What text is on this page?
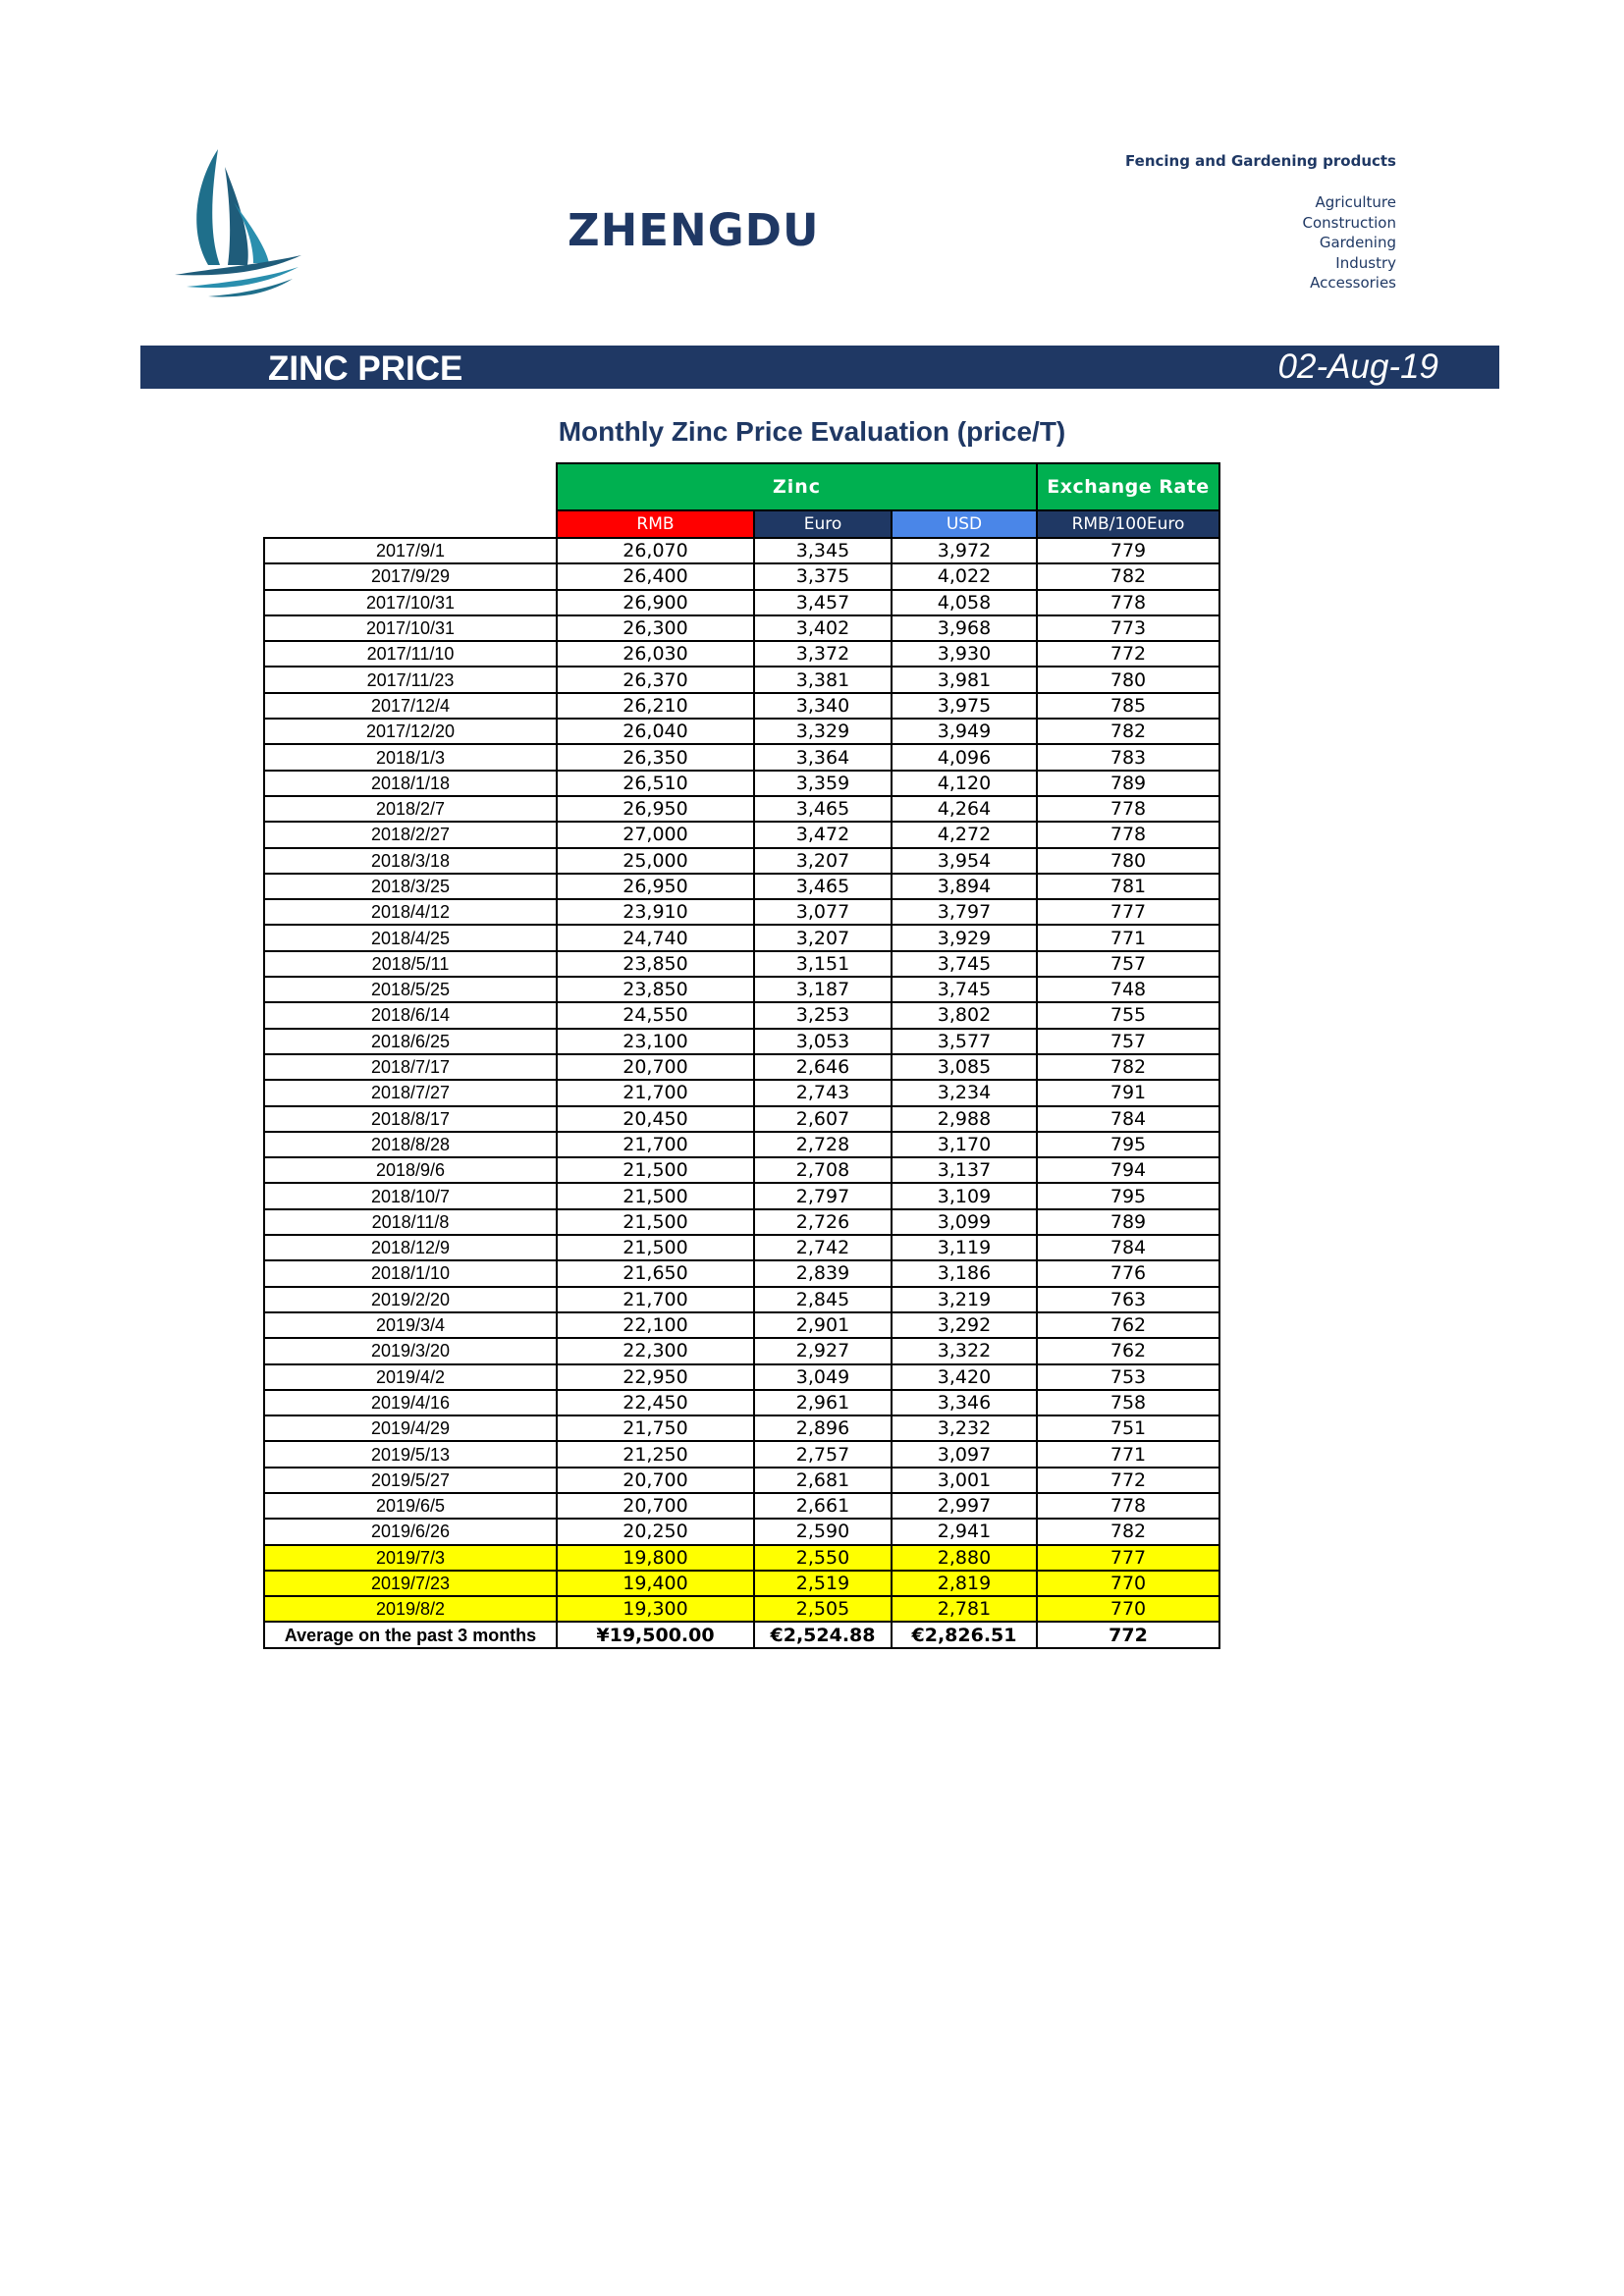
ZHENGDU
Fencing and Gardening products
Agriculture
Construction
Gardening
Industry
Accessories
ZINC PRICE	02-Aug-19
Monthly Zinc Price Evaluation (price/T)
	Zinc			Exchange Rate
	RMB	Euro	USD	RMB/100Euro
2017/9/1	26,070	3,345	3,972	779
2017/9/29	26,400	3,375	4,022	782
2017/10/31	26,900	3,457	4,058	778
2017/10/31	26,300	3,402	3,968	773
2017/11/10	26,030	3,372	3,930	772
2017/11/23	26,370	3,381	3,981	780
2017/12/4	26,210	3,340	3,975	785
2017/12/20	26,040	3,329	3,949	782
2018/1/3	26,350	3,364	4,096	783
2018/1/18	26,510	3,359	4,120	789
2018/2/7	26,950	3,465	4,264	778
2018/2/27	27,000	3,472	4,272	778
2018/3/18	25,000	3,207	3,954	780
2018/3/25	26,950	3,465	3,894	781
2018/4/12	23,910	3,077	3,797	777
2018/4/25	24,740	3,207	3,929	771
2018/5/11	23,850	3,151	3,745	757
2018/5/25	23,850	3,187	3,745	748
2018/6/14	24,550	3,253	3,802	755
2018/6/25	23,100	3,053	3,577	757
2018/7/17	20,700	2,646	3,085	782
2018/7/27	21,700	2,743	3,234	791
2018/8/17	20,450	2,607	2,988	784
2018/8/28	21,700	2,728	3,170	795
2018/9/6	21,500	2,708	3,137	794
2018/10/7	21,500	2,797	3,109	795
2018/11/8	21,500	2,726	3,099	789
2018/12/9	21,500	2,742	3,119	784
2018/1/10	21,650	2,839	3,186	776
2019/2/20	21,700	2,845	3,219	763
2019/3/4	22,100	2,901	3,292	762
2019/3/20	22,300	2,927	3,322	762
2019/4/2	22,950	3,049	3,420	753
2019/4/16	22,450	2,961	3,346	758
2019/4/29	21,750	2,896	3,232	751
2019/5/13	21,250	2,757	3,097	771
2019/5/27	20,700	2,681	3,001	772
2019/6/5	20,700	2,661	2,997	778
2019/6/26	20,250	2,590	2,941	782
2019/7/3	19,800	2,550	2,880	777
2019/7/23	19,400	2,519	2,819	770
2019/8/2	19,300	2,505	2,781	770
Average on the past 3 months	¥19,500.00	€2,524.88	€2,826.51	772
